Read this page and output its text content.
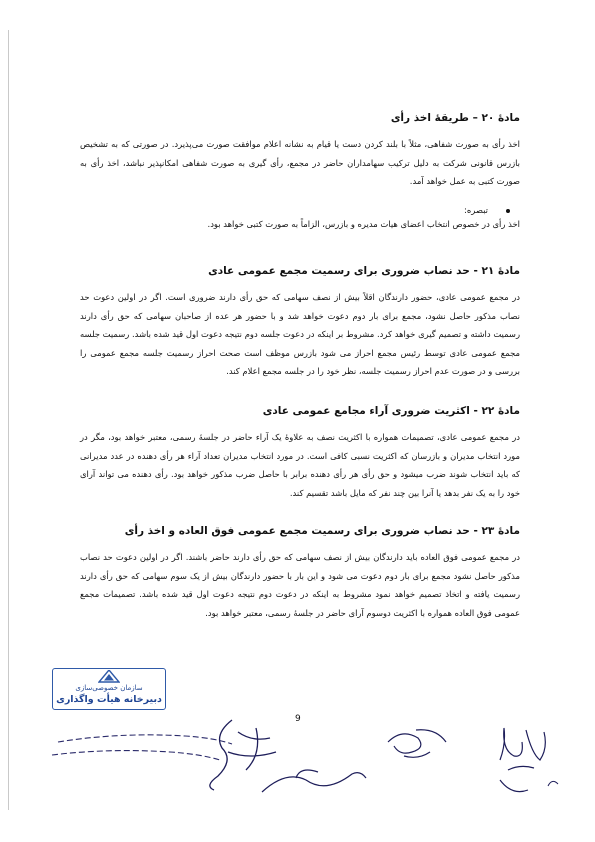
مادهٔ ۲۰ – طریقهٔ اخذ رأی

اخذ رأی به صورت شفاهی، مثلاً با بلند کردن دست یا قیام به نشانه اعلام موافقت صورت می‌پذیرد. در صورتی که به تشخیص بازرس قانونی شرکت به دلیل ترکیب سهامداران حاضر در مجمع، رأی گیری به صورت شفاهی امکانپذیر نباشد، اخذ رأی به صورت کتبی به عمل خواهد آمد.

تبصره:

اخذ رأی در خصوص انتخاب اعضای هیات مدیره و بازرس، الزاماً به صورت کتبی خواهد بود.

مادهٔ ۲۱ - حد نصاب ضروری برای رسمیت مجمع عمومی عادی

در مجمع عمومی عادی، حضور دارندگان اقلاً بیش از نصف سهامی که حق رأی دارند ضروری است. اگر در اولین دعوت حد نصاب مذکور حاصل نشود، مجمع برای بار دوم دعوت خواهد شد و با حضور هر عده از صاحبان سهامی که حق رأی دارند رسمیت داشته و تصمیم گیری خواهد کرد. مشروط بر اینکه در دعوت جلسه دوم نتیجه دعوت اول قید شده باشد. رسمیت جلسه مجمع عمومی عادی توسط رئیس مجمع احراز می شود بازرس موظف است صحت احراز رسمیت جلسه مجمع عمومی را بررسی و در صورت عدم احراز رسمیت جلسه، نظر خود را در جلسه مجمع اعلام کند.

مادهٔ ۲۲ - اکثریت ضروری آراء مجامع عمومی عادی

در مجمع عمومی عادی، تصمیمات همواره با اکثریت نصف به علاوهٔ یک آراء حاضر در جلسهٔ رسمی، معتبر خواهد بود، مگر در مورد انتخاب مدیران و بازرسان که اکثریت نسبی کافی است. در مورد انتخاب مدیران تعداد آراء هر رأی دهنده در عدد مدیرانی که باید انتخاب شوند ضرب میشود و حق رأی هر رأی دهنده برابر با حاصل ضرب مذکور خواهد بود. رأی دهنده می تواند آرای خود را به یک نفر بدهد یا آنرا بین چند نفر که مایل باشد تقسیم کند.

مادهٔ ۲۳ - حد نصاب ضروری برای رسمیت مجمع عمومی فوق العاده و اخذ رأی

در مجمع عمومی فوق العاده باید دارندگان بیش از نصف سهامی که حق رأی دارند حاضر باشند. اگر در اولین دعوت حد نصاب مذکور حاصل نشود مجمع برای بار دوم دعوت می شود و این بار با حضور دارندگان بیش از یک سوم سهامی که حق رأی دارند رسمیت یافته و اتخاذ تصمیم خواهد نمود مشروط به اینکه در دعوت دوم نتیجه دعوت اول قید شده باشد. تصمیمات مجمع عمومی فوق العاده همواره با اکثریت دوسوم آرای حاضر در جلسهٔ رسمی، معتبر خواهد بود.

سازمان خصوصی‌سازی
دبیرخانه هیأت واگذاری
9
